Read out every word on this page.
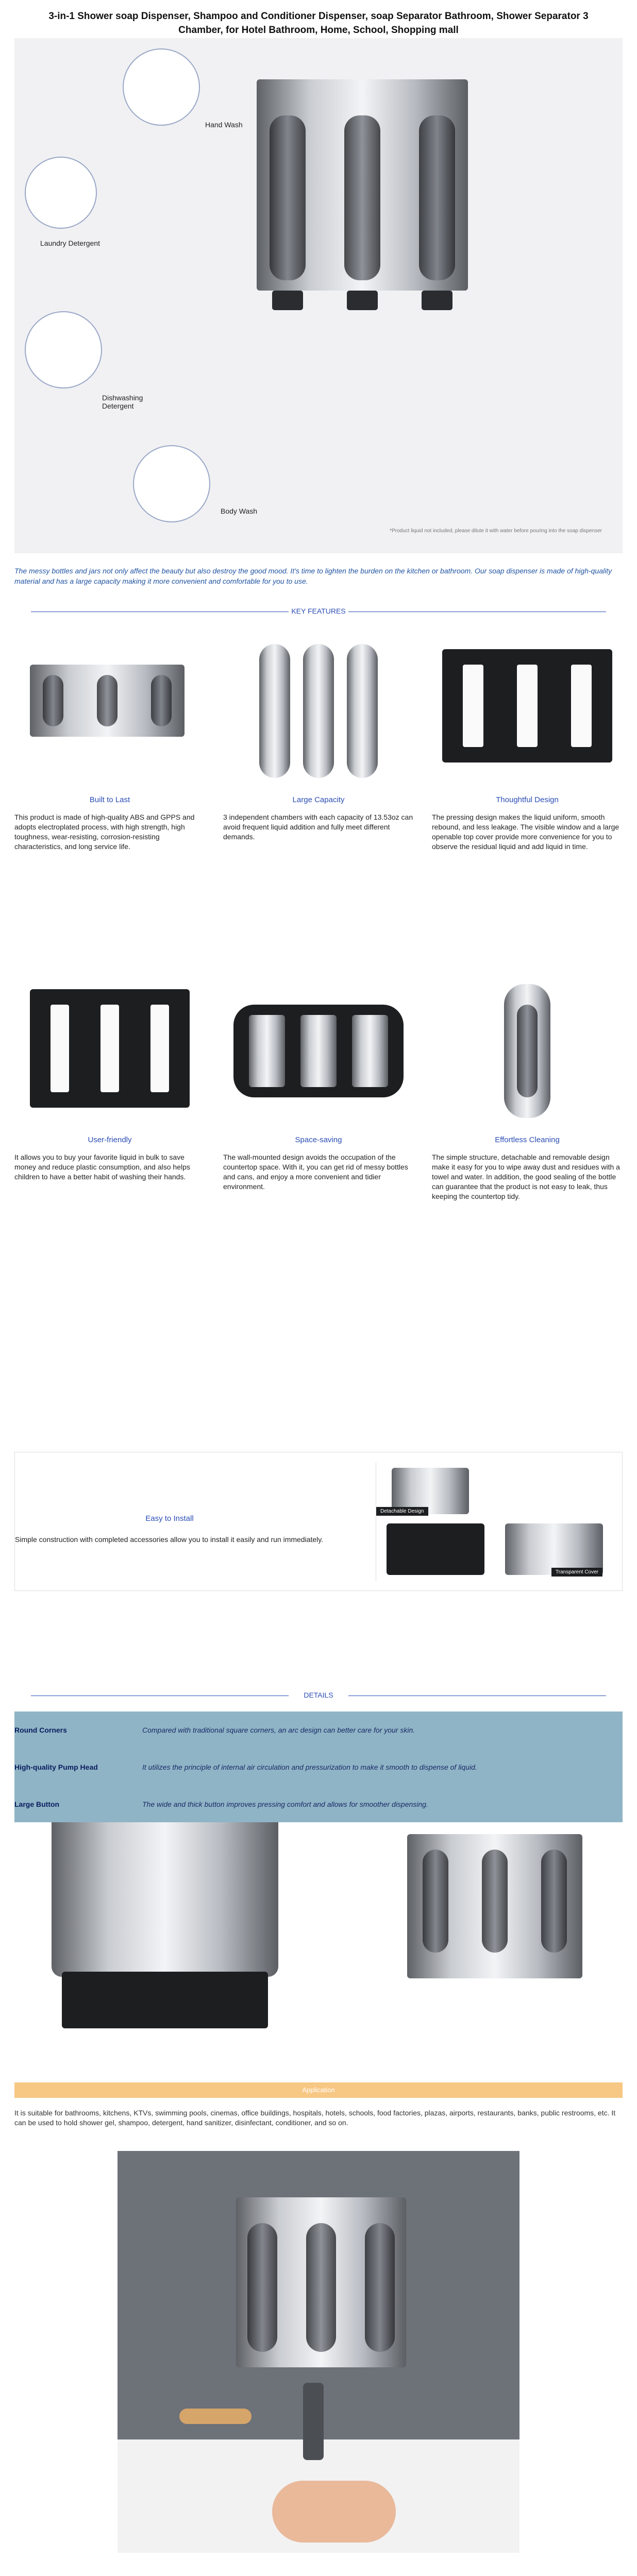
3-in-1 Shower soap Dispenser, Shampoo and Conditioner Dispenser, soap Separator Bathroom, Shower Separator 3 Chamber, for Hotel Bathroom, Home, School, Shopping mall
Hand Wash
Laundry Detergent
Dishwashing Detergent
Body Wash
*Product liquid not included, please dilute it with water before pouring into the soap dispenser
The messy bottles and jars not only affect the beauty but also destroy the good mood. It's time to lighten the burden on the kitchen or bathroom. Our soap dispenser is made of high-quality material and has a large capacity making it more convenient and comfortable for you to use.
KEY FEATURES
Built to Last

This product is made of high-quality ABS and GPPS and adopts electroplated process, with high strength, high toughness, wear-resisting, corrosion-resisting characteristics, and long service life.

Large Capacity

3 independent chambers with each capacity of 13.53oz can avoid frequent liquid addition and fully meet different demands.

Thoughtful Design

The pressing design makes the liquid uniform, smooth rebound, and less leakage. The visible window and a large openable top cover provide more convenience for you to observe the residual liquid and add liquid in time.

User-friendly

It allows you to buy your favorite liquid in bulk to save money and reduce plastic consumption, and also helps children to have a better habit of washing their hands.

Space-saving

The wall-mounted design avoids the occupation of the countertop space. With it, you can get rid of messy bottles and cans, and enjoy a more convenient and tidier environment.

Effortless Cleaning

The simple structure, detachable and removable design make it easy for you to wipe away dust and residues with a towel and water. In addition, the good sealing of the bottle can guarantee that the product is not easy to leak, thus keeping the countertop tidy.

Easy to Install
Simple construction with completed accessories allow you to install it easily and run immediately.
Detachable Design
Transparent Cover
DETAILS
Round Corners	Compared with traditional square corners, an arc design can better care for your skin.
High-quality Pump Head	It utilizes the principle of internal air circulation and pressurization to make it smooth to dispense of liquid.
Large Button	The wide and thick button improves pressing comfort and allows for smoother dispensing.
Application
It is suitable for bathrooms, kitchens, KTVs, swimming pools, cinemas, office buildings, hospitals, hotels, schools, food factories, plazas, airports, restaurants, banks, public restrooms, etc. It can be used to hold shower gel, shampoo, detergent, hand sanitizer, disinfectant, conditioner, and so on.
